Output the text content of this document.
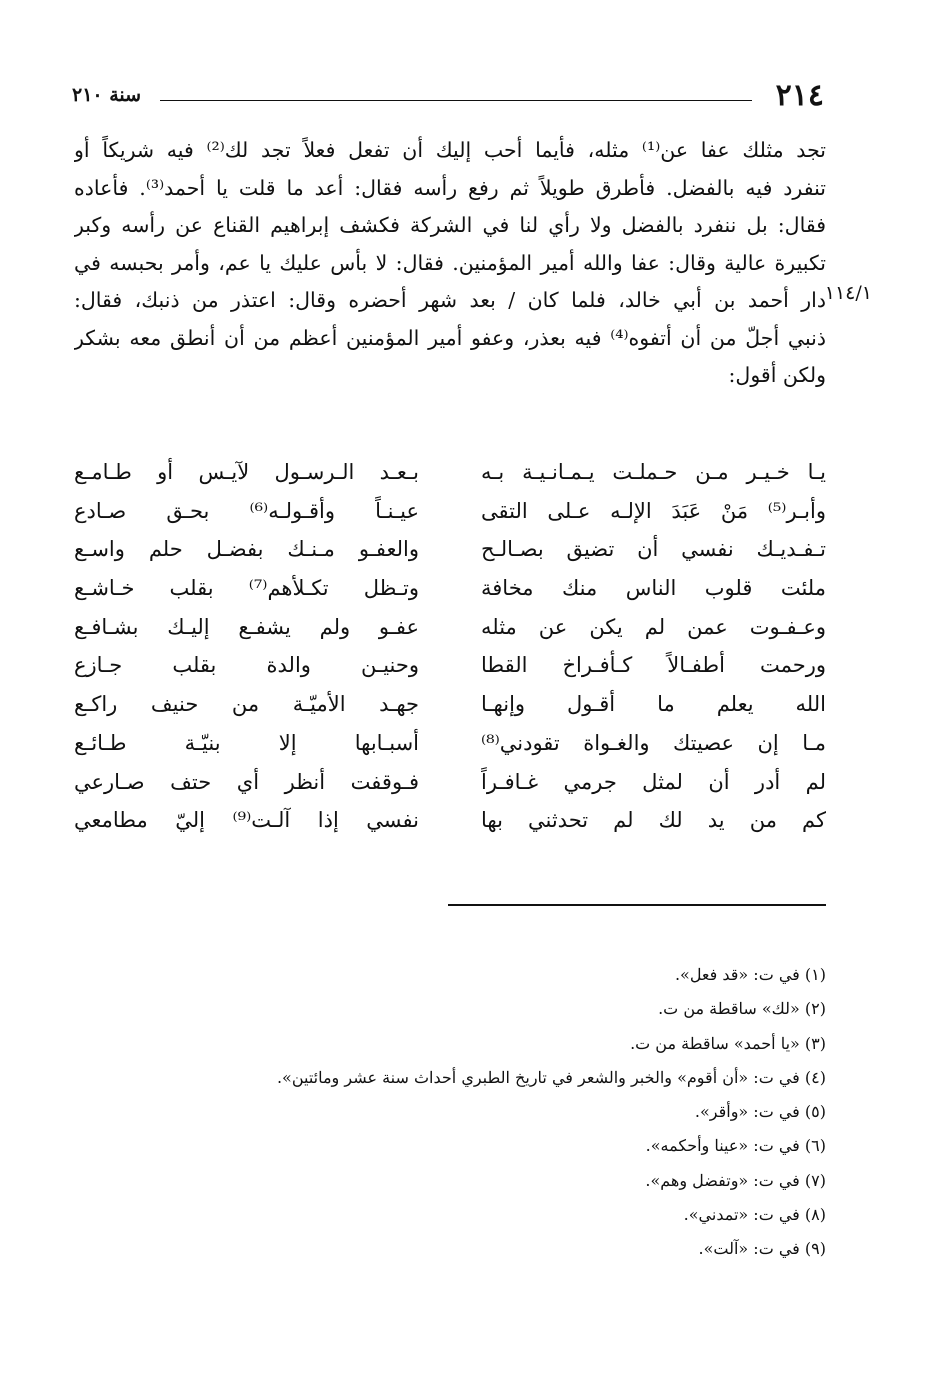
٢١٤
سنة ٢١٠
تجد مثلك عفا عن⁽¹⁾ مثله، فأيما أحب إليك أن تفعل فعلاً تجد لك⁽²⁾ فيه شريكاً أو
تنفرد فيه بالفضل. فأطرق طويلاً ثم رفع رأسه فقال: أعد ما قلت يا أحمد⁽³⁾. فأعاده
فقال: بل ننفرد بالفضل ولا رأي لنا في الشركة فكشف إبراهيم القناع عن رأسه وكبر
تكبيرة عالية وقال: عفا والله أمير المؤمنين. فقال: لا بأس عليك يا عم، وأمر بحبسه في
دار أحمد بن أبي خالد، فلما كان / بعد شهر أحضره وقال: اعتذر من ذنبك، فقال:
١١٤/١
ذنبي أجلّ من أن أتفوه⁽⁴⁾ فيه بعذر، وعفو أمير المؤمنين أعظم من أن أنطق معه بشكر
ولكن أقول:
يـا خـيـر مـن حـملـت يـمـانـيـة بـه
بـعـد الـرسـول لآيـس أو طـامـع
وأبـر⁽⁵⁾ مَنْ عَبَدَ الإلـه عـلى التقى
عيـنـاً وأقـولـه⁽⁶⁾ بحـق صـادع
تـفـديـك نفسي أن تضيق بصـالـح
والعفـو مـنـك بفضـل حلم واسـع
ملئت قلوب الناس منك مخافة
وتـظل تكـلأهم⁽⁷⁾ بقلب خـاشـع
وعـفـوت عمن لم يكن عن مثله
عفـو ولم يشفـع إليـك بشـافـع
ورحمت أطفـالاً كـأفـراخ القطا
وحنيـن والدة بقلب جـازع
الله يعلم ما أقـول وإنهـا
جهـد الأميّـة من حنيف راكـع
مـا إن عصيتك والغـواة تقودني⁽⁸⁾
أسبـابها إلا بنيّـة طـائـع
لم أدر أن لمثل جرمي غـافـراً
فـوقفت أنظر أي حتف صـارعي
كم من يد لك لم تحدثني بها
نفسي إذا آلـت⁽⁹⁾ إليّ مطامعي
(١) في ت: «قد فعل».
(٢) «لك» ساقطة من ت.
(٣) «يا أحمد» ساقطة من ت.
(٤) في ت: «أن أقوم» والخبر والشعر في تاريخ الطبري أحداث سنة عشر ومائتين».
(٥) في ت: «وأقر».
(٦) في ت: «عينا وأحكمه».
(٧) في ت: «وتفضل وهم».
(٨) في ت: «تمدني».
(٩) في ت: «آلت».
